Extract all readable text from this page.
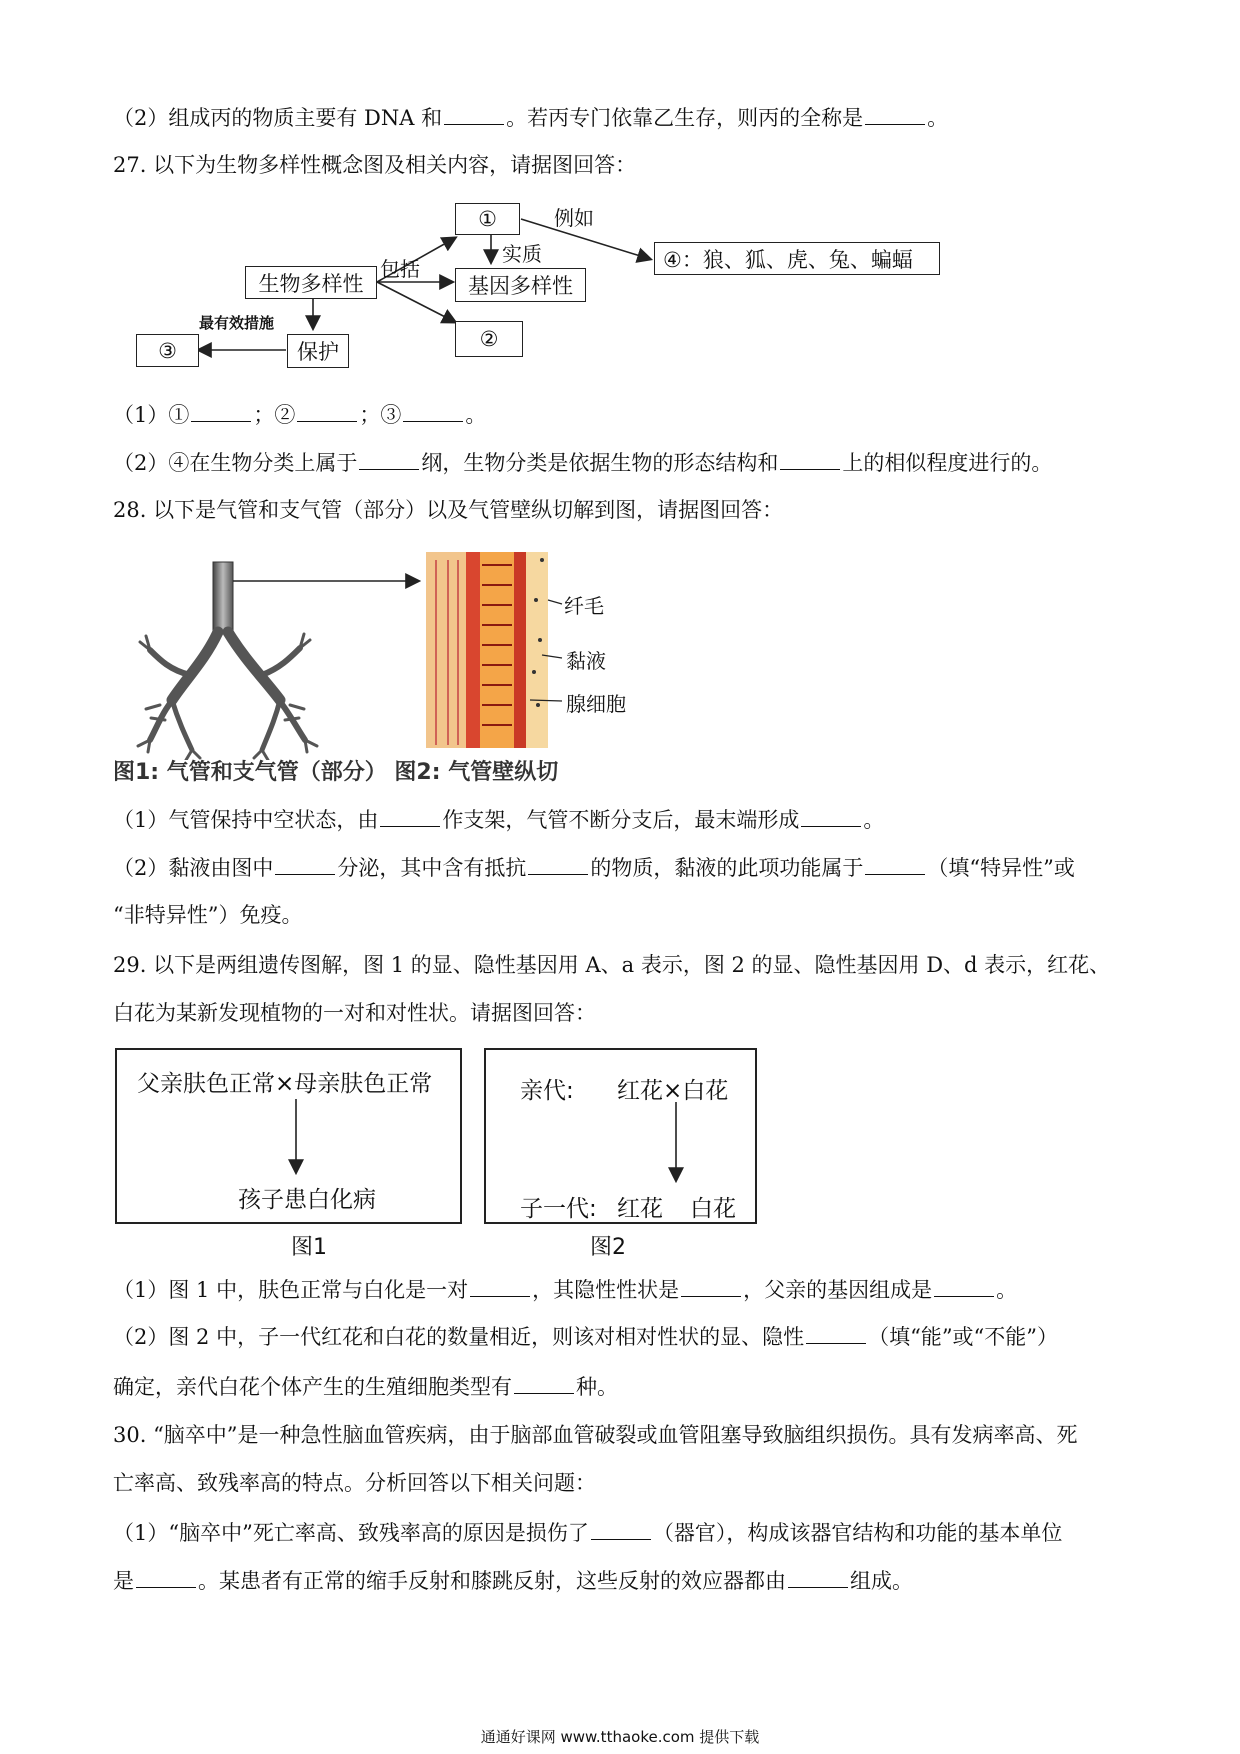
（2）组成丙的物质主要有 DNA 和	。若丙专门依靠乙生存，则丙的全称是	。
27. 以下为生物多样性概念图及相关内容，请据图回答：
①
④：狼、狐、虎、兔、蝙蝠
生物多样性	基因多样性
②
保护
③
例如
实质
包括
最有效措施
（1）①	；②	；③	。
（2）④在生物分类上属于	纲，生物分类是依据生物的形态结构和	上的相似程度进行的。
28. 以下是气管和支气管（部分）以及气管壁纵切解到图，请据图回答：
纤毛
黏液
腺细胞
图1: 气管和支气管（部分） 图2: 气管壁纵切
（1）气管保持中空状态，由	作支架，气管不断分支后，最末端形成	。
（2）黏液由图中	分泌，其中含有抵抗	的物质，黏液的此项功能属于	（填“特异性”或
“非特异性”）免疫。
29. 以下是两组遗传图解，图 1 的显、隐性基因用 A、a 表示，图 2 的显、隐性基因用 D、d 表示，红花、
白花为某新发现植物的一对和对性状。请据图回答：
父亲肤色正常×母亲肤色正常
孩子患白化病
亲代: 红花×白花
子一代: 红花 白花
图1	图2
（1）图 1 中，肤色正常与白化是一对	，其隐性性状是	，父亲的基因组成是	。
（2）图 2 中，子一代红花和白花的数量相近，则该对相对性状的显、隐性	（填“能”或“不能”）
确定，亲代白花个体产生的生殖细胞类型有	种。
30. “脑卒中”是一种急性脑血管疾病，由于脑部血管破裂或血管阻塞导致脑组织损伤。具有发病率高、死
亡率高、致残率高的特点。分析回答以下相关问题：
（1）“脑卒中”死亡率高、致残率高的原因是损伤了	（器官），构成该器官结构和功能的基本单位
是	。某患者有正常的缩手反射和膝跳反射，这些反射的效应器都由	组成。
通通好课网 www.tthaoke.com 提供下载
